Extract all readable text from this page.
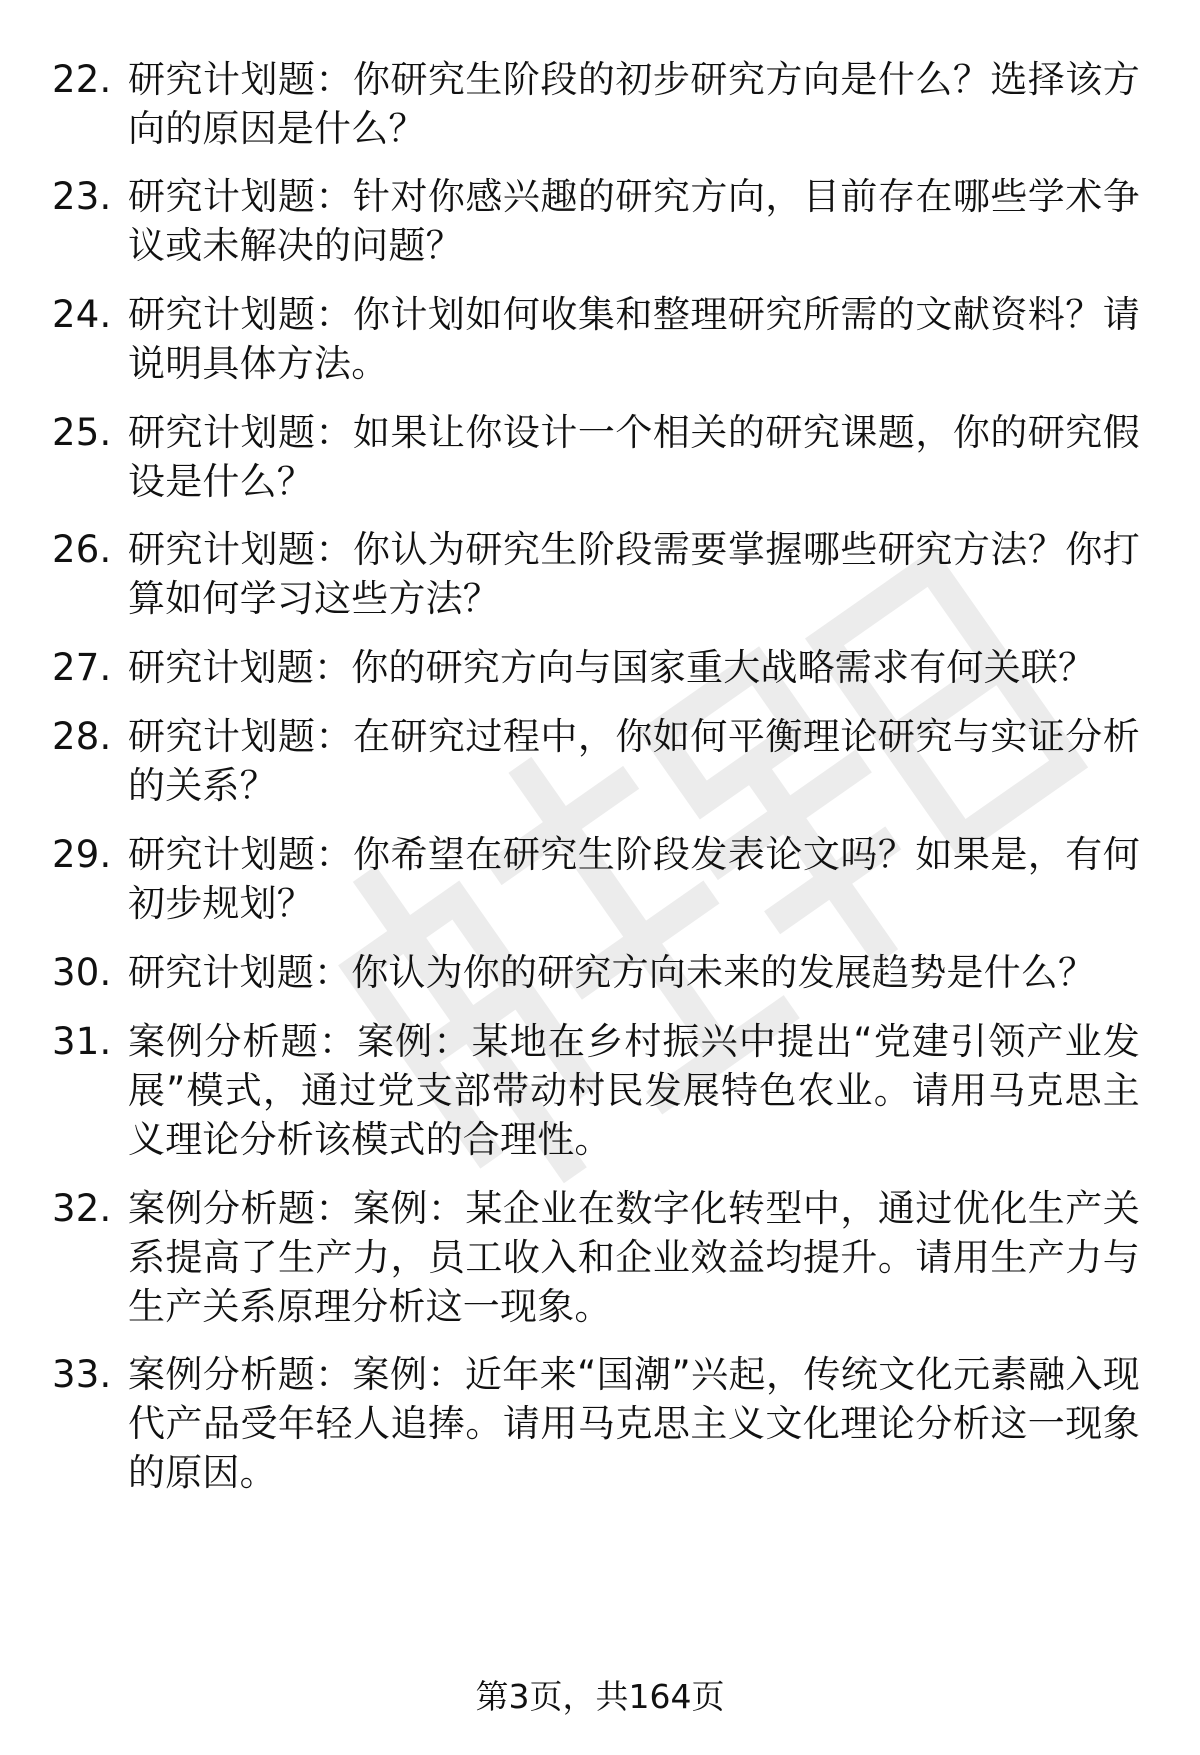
22. 研究计划题：你研究生阶段的初步研究方向是什么？选择该方向的原因是什么？
23. 研究计划题：针对你感兴趣的研究方向，目前存在哪些学术争议或未解决的问题？
24. 研究计划题：你计划如何收集和整理研究所需的文献资料？请说明具体方法。
25. 研究计划题：如果让你设计一个相关的研究课题，你的研究假设是什么？
26. 研究计划题：你认为研究生阶段需要掌握哪些研究方法？你打算如何学习这些方法？
27. 研究计划题：你的研究方向与国家重大战略需求有何关联？
28. 研究计划题：在研究过程中，你如何平衡理论研究与实证分析的关系？
29. 研究计划题：你希望在研究生阶段发表论文吗？如果是，有何初步规划？
30. 研究计划题：你认为你的研究方向未来的发展趋势是什么？
31. 案例分析题：案例：某地在乡村振兴中提出“党建引领产业发展”模式，通过党支部带动村民发展特色农业。请用马克思主义理论分析该模式的合理性。
32. 案例分析题：案例：某企业在数字化转型中，通过优化生产关系提高了生产力，员工收入和企业效益均提升。请用生产力与生产关系原理分析这一现象。
33. 案例分析题：案例：近年来“国潮”兴起，传统文化元素融入现代产品受年轻人追捧。请用马克思主义文化理论分析这一现象的原因。
第3页，共164页
